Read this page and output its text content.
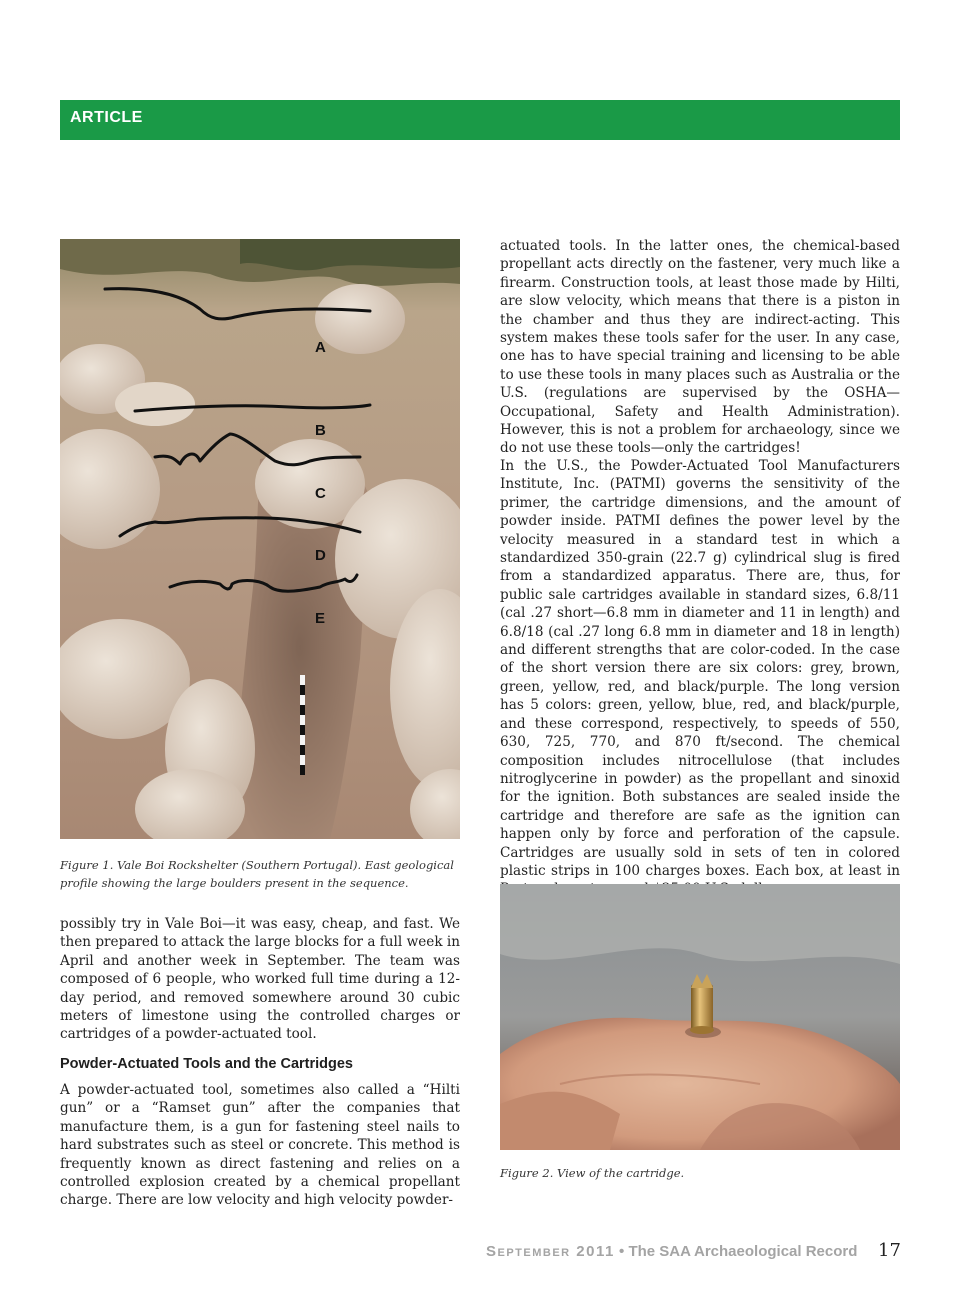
ARTICLE
A
B
C
D
E
Figure 1. Vale Boi Rockshelter (Southern Portugal). East geological profile showing the large boulders present in the sequence.

actuated tools. In the latter ones, the chemical-based propellant acts directly on the fastener, very much like a firearm. Construction tools, at least those made by Hilti, are slow velocity, which means that there is a piston in the chamber and thus they are indirect-acting. This system makes these tools safer for the user. In any case, one has to have special training and licensing to be able to use these tools in many places such as Australia or the U.S. (regulations are supervised by the OSHA—Occupational, Safety and Health Administration). However, this is not a problem for archaeology, since we do not use these tools—only the cartridges!

In the U.S., the Powder-Actuated Tool Manufacturers Institute, Inc. (PATMI) governs the sensitivity of the primer, the cartridge dimensions, and the amount of powder inside. PATMI defines the power level by the velocity measured in a standard test in which a standardized 350-grain (22.7 g) cylindrical slug is fired from a standardized apparatus. There are, thus, for public sale cartridges available in standard sizes, 6.8/11 (cal .27 short—6.8 mm in diameter and 11 in length) and 6.8/18 (cal .27 long 6.8 mm in diameter and 18 in length) and different strengths that are color-coded. In the case of the short version there are six colors: grey, brown, green, yellow, red, and black/purple. The long version has 5 colors: green, yellow, blue, red, and black/purple, and these correspond, respectively, to speeds of 550, 630, 725, 770, and 870 ft/second. The chemical composition includes nitrocellulose (that includes nitroglycerine in powder) as the propellant and sinoxid for the ignition. Both substances are sealed inside the cartridge and therefore are safe as the ignition can happen only by force and perforation of the capsule. Cartridges are usually sold in sets of ten in colored plastic strips in 100 charges boxes. Each box, at least in

Figure 2. View of the cartridge.

possibly try in Vale Boi—it was easy, cheap, and fast. We then prepared to attack the large blocks for a full week in April and another week in September. The team was composed of 6 people, who worked full time during a 12-day period, and removed somewhere around 30 cubic meters of limestone using the controlled charges or cartridges of a powder-actuated tool.

Powder-Actuated Tools and the Cartridges

A powder-actuated tool, sometimes also called a “Hilti gun” or a “Ramset gun” after the companies that manufacture them, is a gun for fastening steel nails to hard substrates such as steel or concrete. This method is frequently known as direct fastening and relies on a controlled explosion created by a chemical propellant charge. There are low velocity and high velocity powder-

September 2011 • The SAA Archaeological Record 17
